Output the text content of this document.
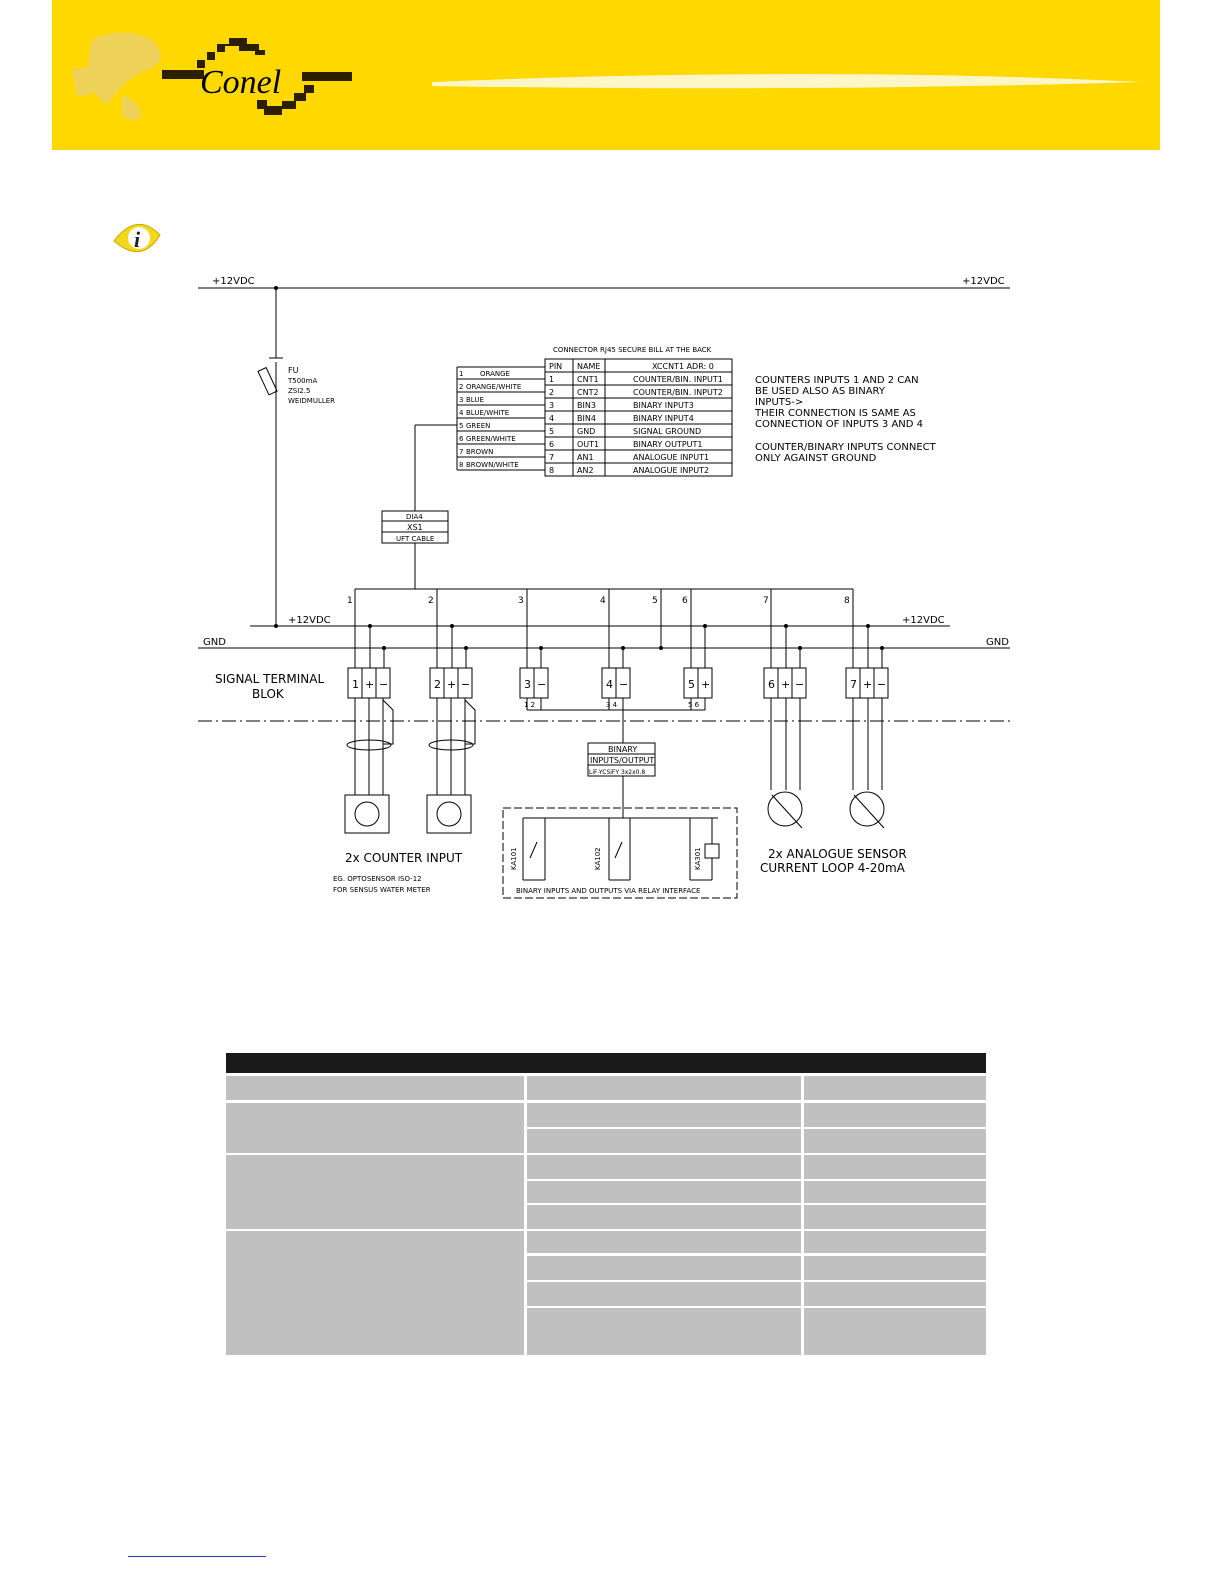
Conel
i
+12VDC	+12VDC
FU
T500mA
ZSI2.5
WEIDMULLER
CONNECTOR RJ45 SECURE BILL AT THE BACK
PIN NAME	XCCNT1 ADR: 0
1 ORANGE
2 ORANGE/WHITE
3 BLUE
4 BLUE/WHITE
5 GREEN
6 GREEN/WHITE
7 BROWN
8 BROWN/WHITE
1	CNT1	COUNTER/BIN. INPUT1
2	CNT2	COUNTER/BIN. INPUT2
3	BIN3	BINARY INPUT3
4	BIN4	BINARY INPUT4
5	GND	SIGNAL GROUND
6	OUT1	BINARY OUTPUT1
7	AN1	ANALOGUE INPUT1
8	AN2	ANALOGUE INPUT2
COUNTERS INPUTS 1 AND 2 CAN
BE USED ALSO AS BINARY
INPUTS->
THEIR CONNECTION IS SAME AS
CONNECTION OF INPUTS 3 AND 4
COUNTER/BINARY INPUTS CONNECT
ONLY AGAINST GROUND
DIA4
XS1
UFT CABLE
1	2	3	4	5	6	7	8
+12VDC	+12VDC
GND	GND
SIGNAL TERMINAL
BLOK
1 + −	2 + −	3 −	4 −	5 +	6 + −	7 + −
1 2	3 4	5 6
BINARY
INPUTS/OUTPUT
LiF-YCSiFY 3x2x0.8
KA101	KA102	KA301
BINARY INPUTS AND OUTPUTS VIA RELAY INTERFACE
2x COUNTER INPUT
EG. OPTOSENSOR ISO-12
FOR SENSUS WATER METER
2x ANALOGUE SENSOR
CURRENT LOOP 4-20mA
